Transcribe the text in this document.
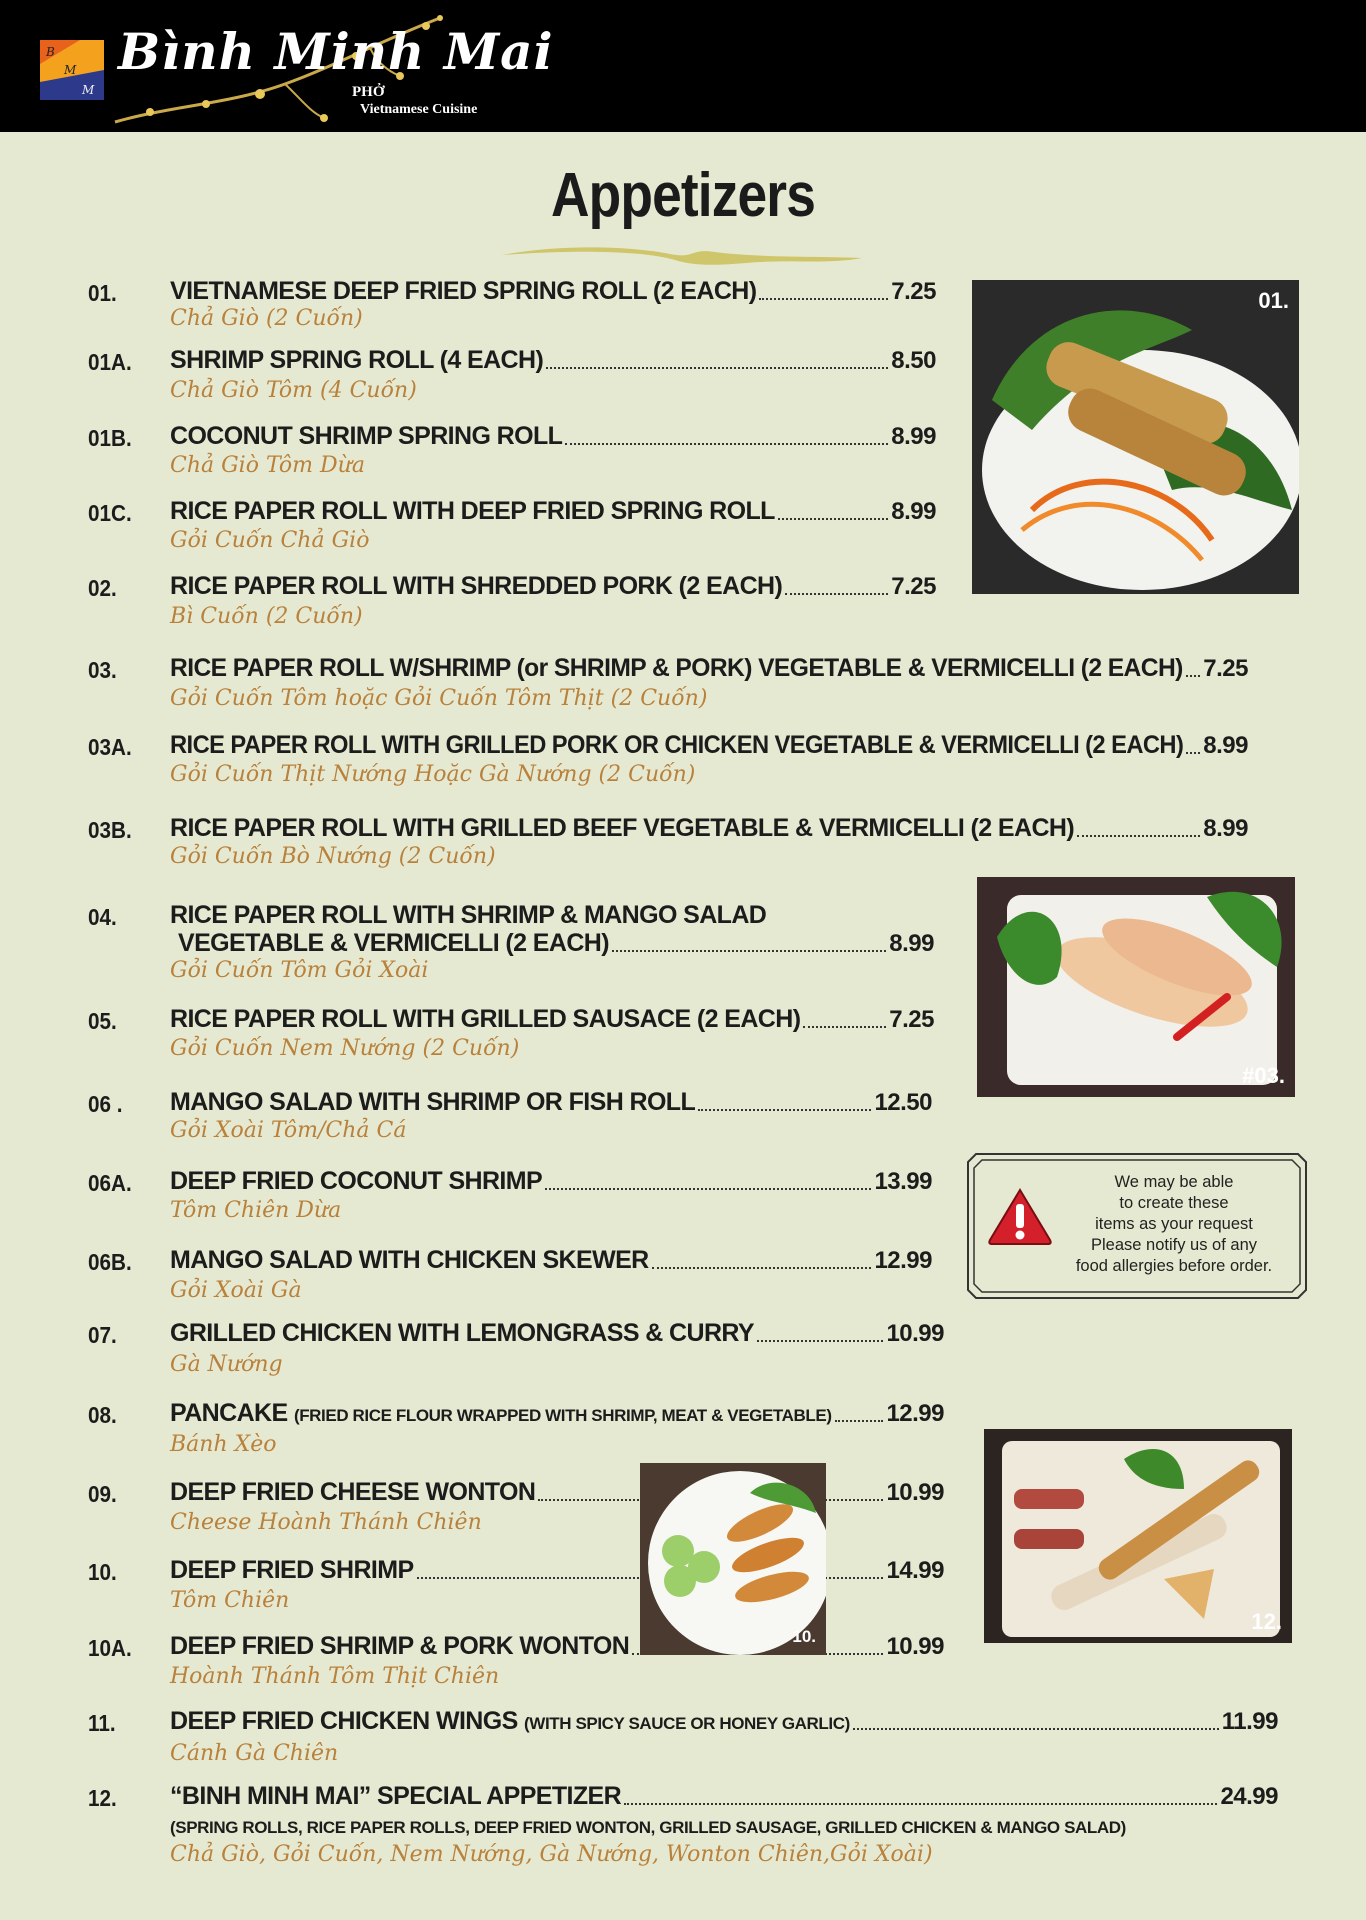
B
M
M
Bình Minh Mai
PHỞ
Vietnamese Cuisine
Appetizers
01. VIETNAMESE DEEP FRIED SPRING ROLL (2 EACH)	7.25
Chả Giò (2 Cuốn)
01A. SHRIMP SPRING ROLL (4 EACH)	8.50
Chả Giò Tôm (4 Cuốn)
01B. COCONUT SHRIMP SPRING ROLL	8.99
Chả Giò Tôm Dừa
01C. RICE PAPER ROLL WITH DEEP FRIED SPRING ROLL	8.99
Gỏi Cuốn Chả Giò
02. RICE PAPER ROLL WITH SHREDDED PORK (2 EACH)	7.25
Bì Cuốn (2 Cuốn)
03. RICE PAPER ROLL W/SHRIMP (or SHRIMP & PORK) VEGETABLE & VERMICELLI (2 EACH) 7.25
Gỏi Cuốn Tôm hoặc Gỏi Cuốn Tôm Thịt (2 Cuốn)
03A. RICE PAPER ROLL WITH GRILLED PORK OR CHICKEN VEGETABLE & VERMICELLI (2 EACH) 8.99
Gỏi Cuốn Thịt Nướng Hoặc Gà Nướng (2 Cuốn)
03B. RICE PAPER ROLL WITH GRILLED BEEF VEGETABLE & VERMICELLI (2 EACH)	8.99
Gỏi Cuốn Bò Nướng (2 Cuốn)
04. RICE PAPER ROLL WITH SHRIMP & MANGO SALAD
VEGETABLE & VERMICELLI (2 EACH)	8.99
Gỏi Cuốn Tôm Gỏi Xoài
05. RICE PAPER ROLL WITH GRILLED SAUSACE (2 EACH)	7.25
Gỏi Cuốn Nem Nướng (2 Cuốn)
06 . MANGO SALAD WITH SHRIMP OR FISH ROLL	12.50
Gỏi Xoài Tôm/Chả Cá
06A. DEEP FRIED COCONUT SHRIMP	13.99
Tôm Chiên Dừa
06B. MANGO SALAD WITH CHICKEN SKEWER	12.99
Gỏi Xoài Gà
07. GRILLED CHICKEN WITH LEMONGRASS & CURRY	10.99
Gà Nướng
08. PANCAKE (FRIED RICE FLOUR WRAPPED WITH SHRIMP, MEAT & VEGETABLE) 12.99
Bánh Xèo
09. DEEP FRIED CHEESE WONTON	10.99
Cheese Hoành Thánh Chiên
10. DEEP FRIED SHRIMP	14.99
Tôm Chiên
10A. DEEP FRIED SHRIMP & PORK WONTON	10.99
Hoành Thánh Tôm Thịt Chiên
11. DEEP FRIED CHICKEN WINGS (WITH SPICY SAUCE OR HONEY GARLIC)	11.99
Cánh Gà Chiên
12. “BINH MINH MAI” SPECIAL APPETIZER	24.99
(SPRING ROLLS, RICE PAPER ROLLS, DEEP FRIED WONTON, GRILLED SAUSAGE, GRILLED CHICKEN & MANGO SALAD)
Chả Giò, Gỏi Cuốn, Nem Nướng, Gà Nướng, Wonton Chiên,Gỏi Xoài)
01.
#03.
10.
12.
We may be able
to create these
items as your request
Please notify us of any
food allergies before order.
